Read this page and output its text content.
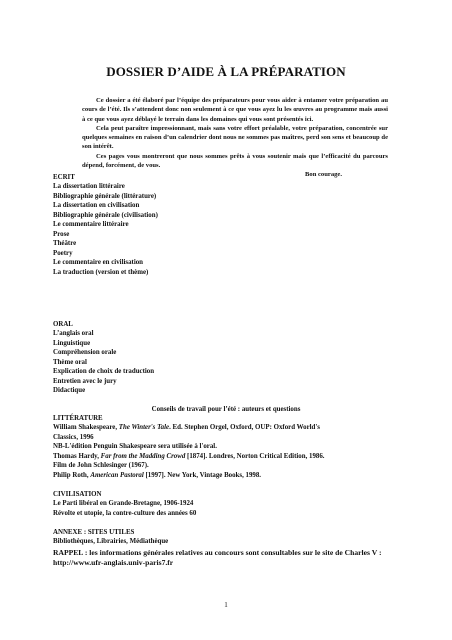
DOSSIER D’AIDE À LA PRÉPARATION

Ce dossier a été élaboré par l’équipe des préparateurs pour vous aider à entamer votre préparation au cours de l’été. Ils s’attendent donc non seulement à ce que vous ayez lu les œuvres au programme mais aussi à ce que vous ayez déblayé le terrain dans les domaines qui vous sont présentés ici.

Cela peut paraître impressionnant, mais sans votre effort préalable, votre préparation, concentrée sur quelques semaines en raison d’un calendrier dont nous ne sommes pas maîtres, perd son sens et beaucoup de son intérêt.

Ces pages vous montreront que nous sommes prêts à vous soutenir mais que l’efficacité du parcours dépend, forcément, de vous.

Bon courage.

ECRIT
La dissertation littéraire
Bibliographie générale (littérature)
La dissertation en civilisation
Bibliographie générale (civilisation)
Le commentaire littéraire
Prose
Théâtre
Poetry
Le commentaire en civilisation
La traduction (version et thème)
ORAL
L’anglais oral
Linguistique
Compréhension orale
Thème oral
Explication de choix de traduction
Entretien avec le jury
Didactique
Conseils de travail pour l’été : auteurs et questions
LITTÉRATURE
William Shakespeare, The Winter's Tale. Ed. Stephen Orgel, Oxford, OUP: Oxford World's
Classics, 1996
NB-L'édition Penguin Shakespeare sera utilisée à l'oral.
Thomas Hardy, Far from the Madding Crowd [1874]. Londres, Norton Critical Edition, 1986.
Film de John Schlesinger (1967).
Philip Roth, American Pastoral [1997]. New York, Vintage Books, 1998.
CIVILISATION
Le Parti libéral en Grande-Bretagne, 1906-1924
Révolte et utopie, la contre-culture des années 60
ANNEXE : SITES UTILES
Bibliothèques, Librairies, Médiathèque
RAPPEL : les informations générales relatives au concours sont consultables sur le site de Charles V : http://www.ufr-anglais.univ-paris7.fr
1
